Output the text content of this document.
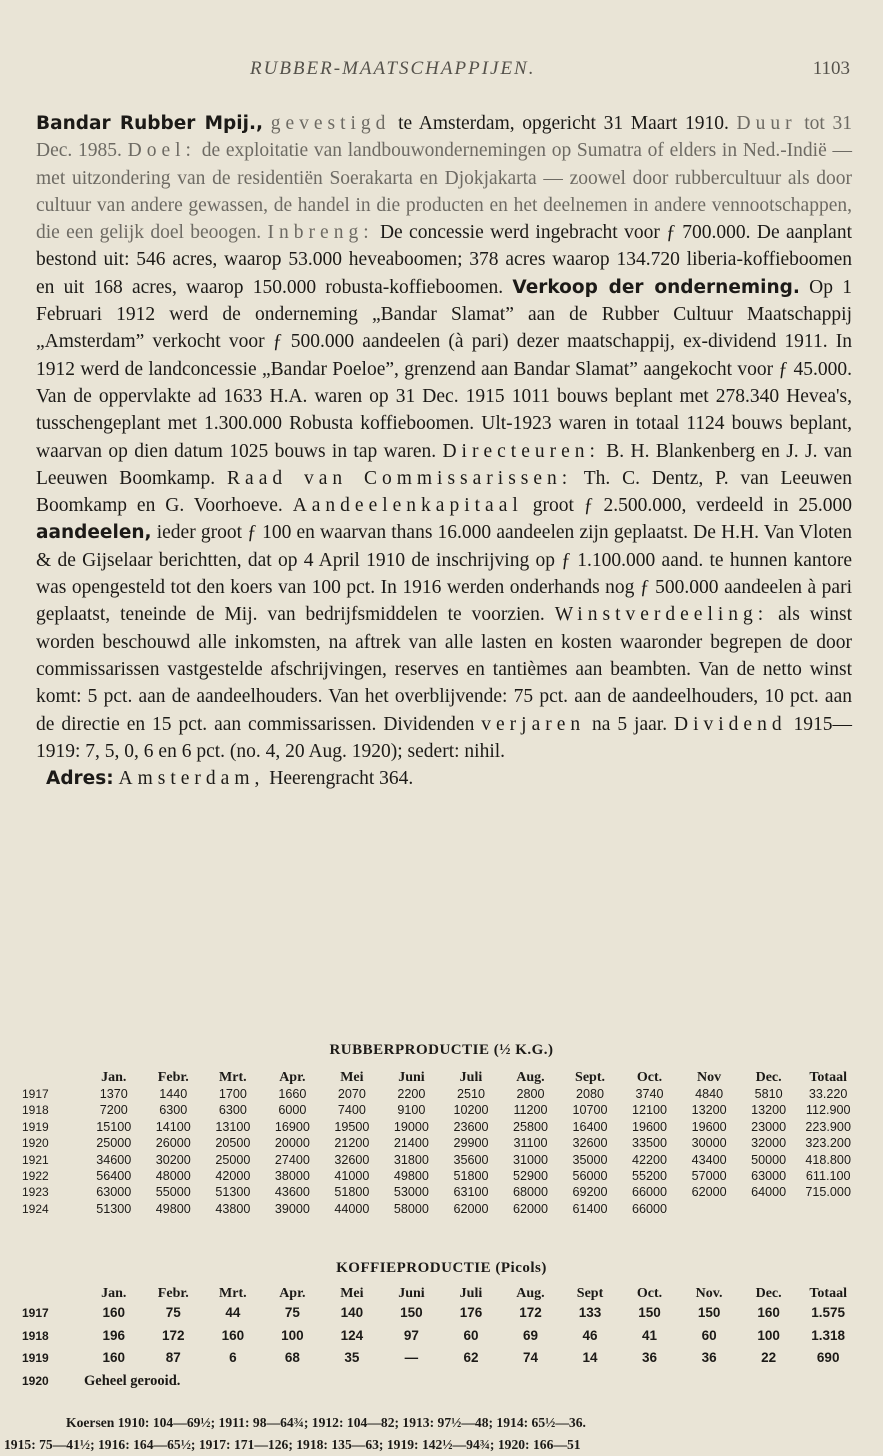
RUBBER-MAATSCHAPPIJEN.	1103

Bandar Rubber Mpij., gevestigd te Amsterdam, opgericht 31 Maart 1910. Duur tot 31 Dec. 1985. Doel: de exploitatie van landbouwondernemingen op Sumatra of elders in Ned.-Indië — met uitzondering van de residentiën Soerakarta en Djokjakarta — zoowel door rubbercultuur als door cultuur van andere gewassen, de handel in die producten en het deelnemen in andere vennootschappen, die een gelijk doel beoogen. Inbreng: De concessie werd ingebracht voor ƒ 700.000. De aanplant bestond uit: 546 acres, waarop 53.000 heveaboomen; 378 acres waarop 134.720 liberia-koffieboomen en uit 168 acres, waarop 150.000 robusta-koffieboomen. Verkoop der onderneming. Op 1 Februari 1912 werd de onderneming „Bandar Slamat” aan de Rubber Cultuur Maatschappij „Amsterdam” verkocht voor ƒ 500.000 aandeelen (à pari) dezer maatschappij, ex-dividend 1911. In 1912 werd de landconcessie „Bandar Poeloe”, grenzend aan Bandar Slamat” aangekocht voor ƒ 45.000. Van de oppervlakte ad 1633 H.A. waren op 31 Dec. 1915 1011 bouws beplant met 278.340 Hevea's, tusschengeplant met 1.300.000 Robusta koffieboomen. Ult-1923 waren in totaal 1124 bouws beplant, waarvan op dien datum 1025 bouws in tap waren. Directeuren: B. H. Blankenberg en J. J. van Leeuwen Boomkamp. Raad van Commissarissen: Th. C. Dentz, P. van Leeuwen Boomkamp en G. Voorhoeve. Aandeelenkapitaal groot ƒ 2.500.000, verdeeld in 25.000 aandeelen, ieder groot ƒ 100 en waarvan thans 16.000 aandeelen zijn geplaatst. De H.H. Van Vloten & de Gijselaar berichtten, dat op 4 April 1910 de inschrijving op ƒ 1.100.000 aand. te hunnen kantore was opengesteld tot den koers van 100 pct. In 1916 werden onderhands nog ƒ 500.000 aandeelen à pari geplaatst, teneinde de Mij. van bedrijfsmiddelen te voorzien. Winstverdeeling: als winst worden beschouwd alle inkomsten, na aftrek van alle lasten en kosten waaronder begrepen de door commissarissen vastgestelde afschrijvingen, reserves en tantièmes aan beambten. Van de netto winst komt: 5 pct. aan de aandeelhouders. Van het overblijvende: 75 pct. aan de aandeelhouders, 10 pct. aan de directie en 15 pct. aan commissarissen. Dividenden verjaren na 5 jaar. Dividend 1915—1919: 7, 5, 0, 6 en 6 pct. (no. 4, 20 Aug. 1920); sedert: nihil.

Adres: Amsterdam, Heerengracht 364.

RUBBERPRODUCTIE (½ K.G.)
	Jan.	Febr.	Mrt.	Apr.	Mei	Juni	Juli	Aug.	Sept.	Oct.	Nov	Dec.	Totaal
1917	1370	1440	1700	1660	2070	2200	2510	2800	2080	3740	4840	5810	33.220
1918	7200	6300	6300	6000	7400	9100	10200	11200	10700	12100	13200	13200	112.900
1919	15100	14100	13100	16900	19500	19000	23600	25800	16400	19600	19600	23000	223.900
1920	25000	26000	20500	20000	21200	21400	29900	31100	32600	33500	30000	32000	323.200
1921	34600	30200	25000	27400	32600	31800	35600	31000	35000	42200	43400	50000	418.800
1922	56400	48000	42000	38000	41000	49800	51800	52900	56000	55200	57000	63000	611.100
1923	63000	55000	51300	43600	51800	53000	63100	68000	69200	66000	62000	64000	715.000
1924	51300	49800	43800	39000	44000	58000	62000	62000	61400	66000			
KOFFIEPRODUCTIE (Picols)
	Jan.	Febr.	Mrt.	Apr.	Mei	Juni	Juli	Aug.	Sept	Oct.	Nov.	Dec.	Totaal
1917	160	75	44	75	140	150	176	172	133	150	150	160	1.575
1918	196	172	160	100	124	97	60	69	46	41	60	100	1.318
1919	160	87	6	68	35	—	62	74	14	36	36	22	690
1920	Geheel gerooid.												
Koersen 1910: 104—69½; 1911: 98—64¾; 1912: 104—82; 1913: 97½—48; 1914: 65½—36.
1915: 75—41½; 1916: 164—65½; 1917: 171—126; 1918: 135—63; 1919: 142½—94¾; 1920: 166—51
